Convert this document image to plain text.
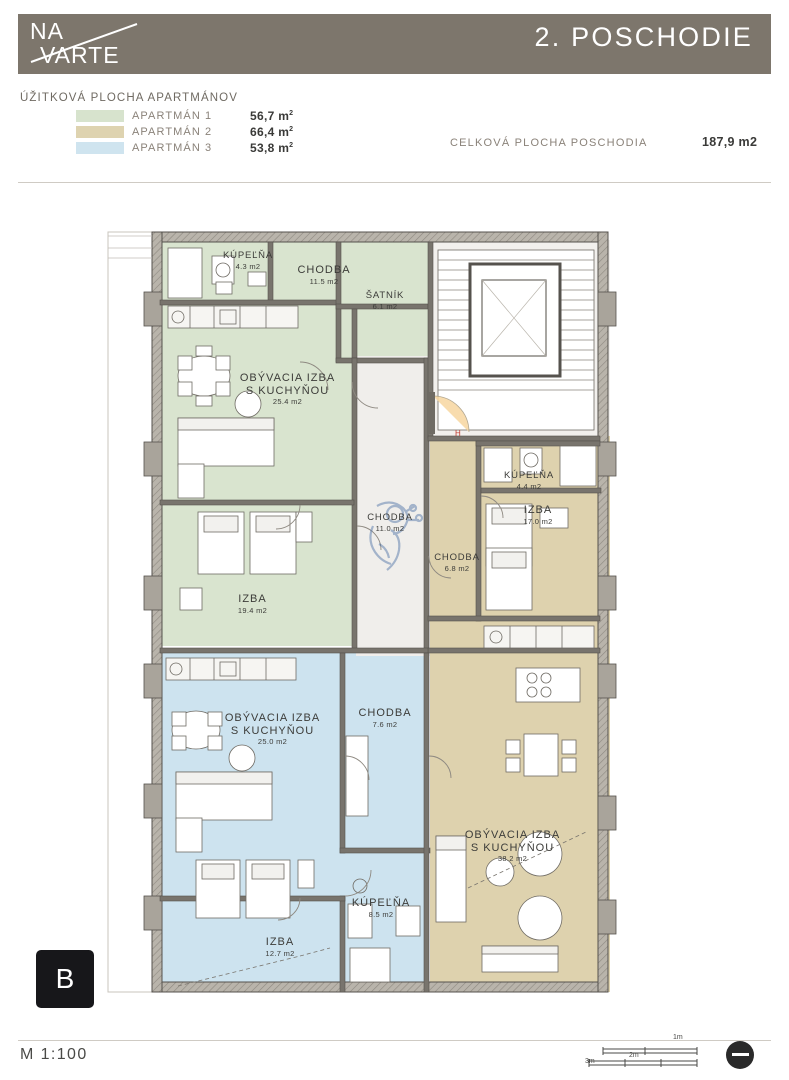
NA
VARTE
2. POSCHODIE
ÚŽITKOVÁ PLOCHA APARTMÁNOV
APARTMÁN 1	56,7 $m^2$
APARTMÁN 2	66,4 $m^2$
APARTMÁN 3	53,8 $m^2$	CELKOVÁ PLOCHA POSCHODIA	187,9 m2
H
KÚPEĽŇA
4.3 m2	CHODBA
11.5 m2
ŠATNÍK
6.1 m2
OBÝVACIA IZBA
S KUCHYŇOU
25.4 m2
IZBA
19.4 m2
CHODBA
11.0 m2
KÚPEĽŇA
4.4 m2
IZBA
17.0 m2
CHODBA
6.8 m2
OBÝVACIA IZBA
S KUCHYŇOU
38.2 m2
OBÝVACIA IZBA
S KUCHYŇOU
25.0 m2
CHODBA
7.6 m2
KÚPEĽŇA
8.5 m2
IZBA
12.7 m2
B
M 1:100
1m
2m
3m
